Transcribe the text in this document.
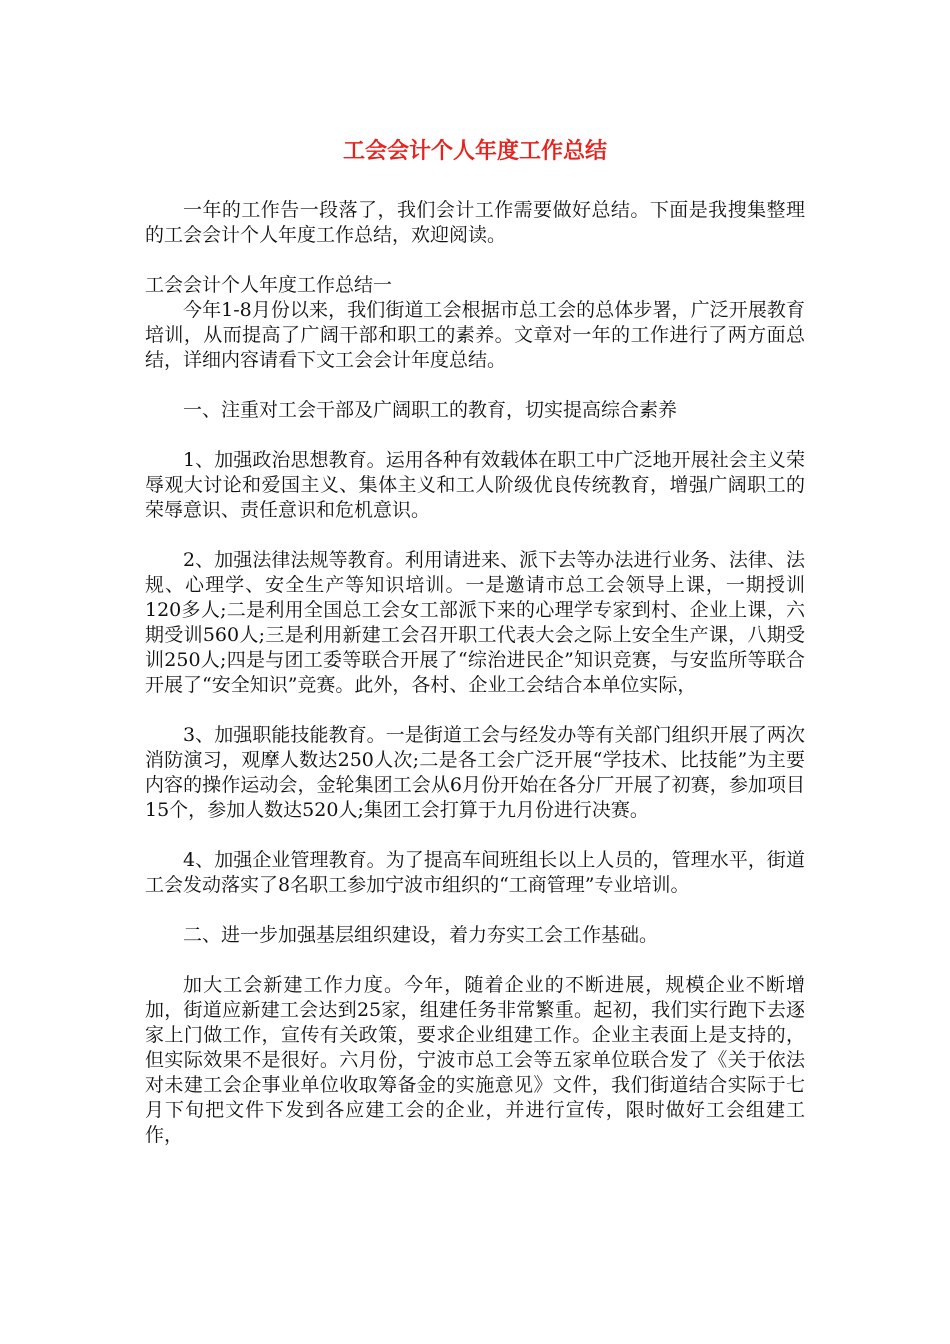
工会会计个人年度工作总结

一年的工作告一段落了，我们会计工作需要做好总结。下面是我搜集整理的工会会计个人年度工作总结，欢迎阅读。

工会会计个人年度工作总结一

今年1-8月份以来，我们街道工会根据市总工会的总体步署，广泛开展教育培训，从而提高了广阔干部和职工的素养。文章对一年的工作进行了两方面总结，详细内容请看下文工会会计年度总结。

一、注重对工会干部及广阔职工的教育，切实提高综合素养

1、加强政治思想教育。运用各种有效载体在职工中广泛地开展社会主义荣辱观大讨论和爱国主义、集体主义和工人阶级优良传统教育，增强广阔职工的荣辱意识、责任意识和危机意识。

2、加强法律法规等教育。利用请进来、派下去等办法进行业务、法律、法规、心理学、安全生产等知识培训。一是邀请市总工会领导上课，一期授训120多人;二是利用全国总工会女工部派下来的心理学专家到村、企业上课，六期受训560人;三是利用新建工会召开职工代表大会之际上安全生产课，八期受训250人;四是与团工委等联合开展了“综治进民企”知识竞赛，与安监所等联合开展了“安全知识”竞赛。此外，各村、企业工会结合本单位实际，

3、加强职能技能教育。一是街道工会与经发办等有关部门组织开展了两次消防演习，观摩人数达250人次;二是各工会广泛开展“学技术、比技能”为主要内容的操作运动会，金轮集团工会从6月份开始在各分厂开展了初赛，参加项目15个，参加人数达520人;集团工会打算于九月份进行决赛。

4、加强企业管理教育。为了提高车间班组长以上人员的，管理水平，街道工会发动落实了8名职工参加宁波市组织的“工商管理”专业培训。

二、进一步加强基层组织建设，着力夯实工会工作基础。

加大工会新建工作力度。今年，随着企业的不断进展，规模企业不断增加，街道应新建工会达到25家，组建任务非常繁重。起初，我们实行跑下去逐家上门做工作，宣传有关政策，要求企业组建工作。企业主表面上是支持的，但实际效果不是很好。六月份，宁波市总工会等五家单位联合发了《关于依法对未建工会企事业单位收取筹备金的实施意见》文件，我们街道结合实际于七月下旬把文件下发到各应建工会的企业，并进行宣传，限时做好工会组建工作，
